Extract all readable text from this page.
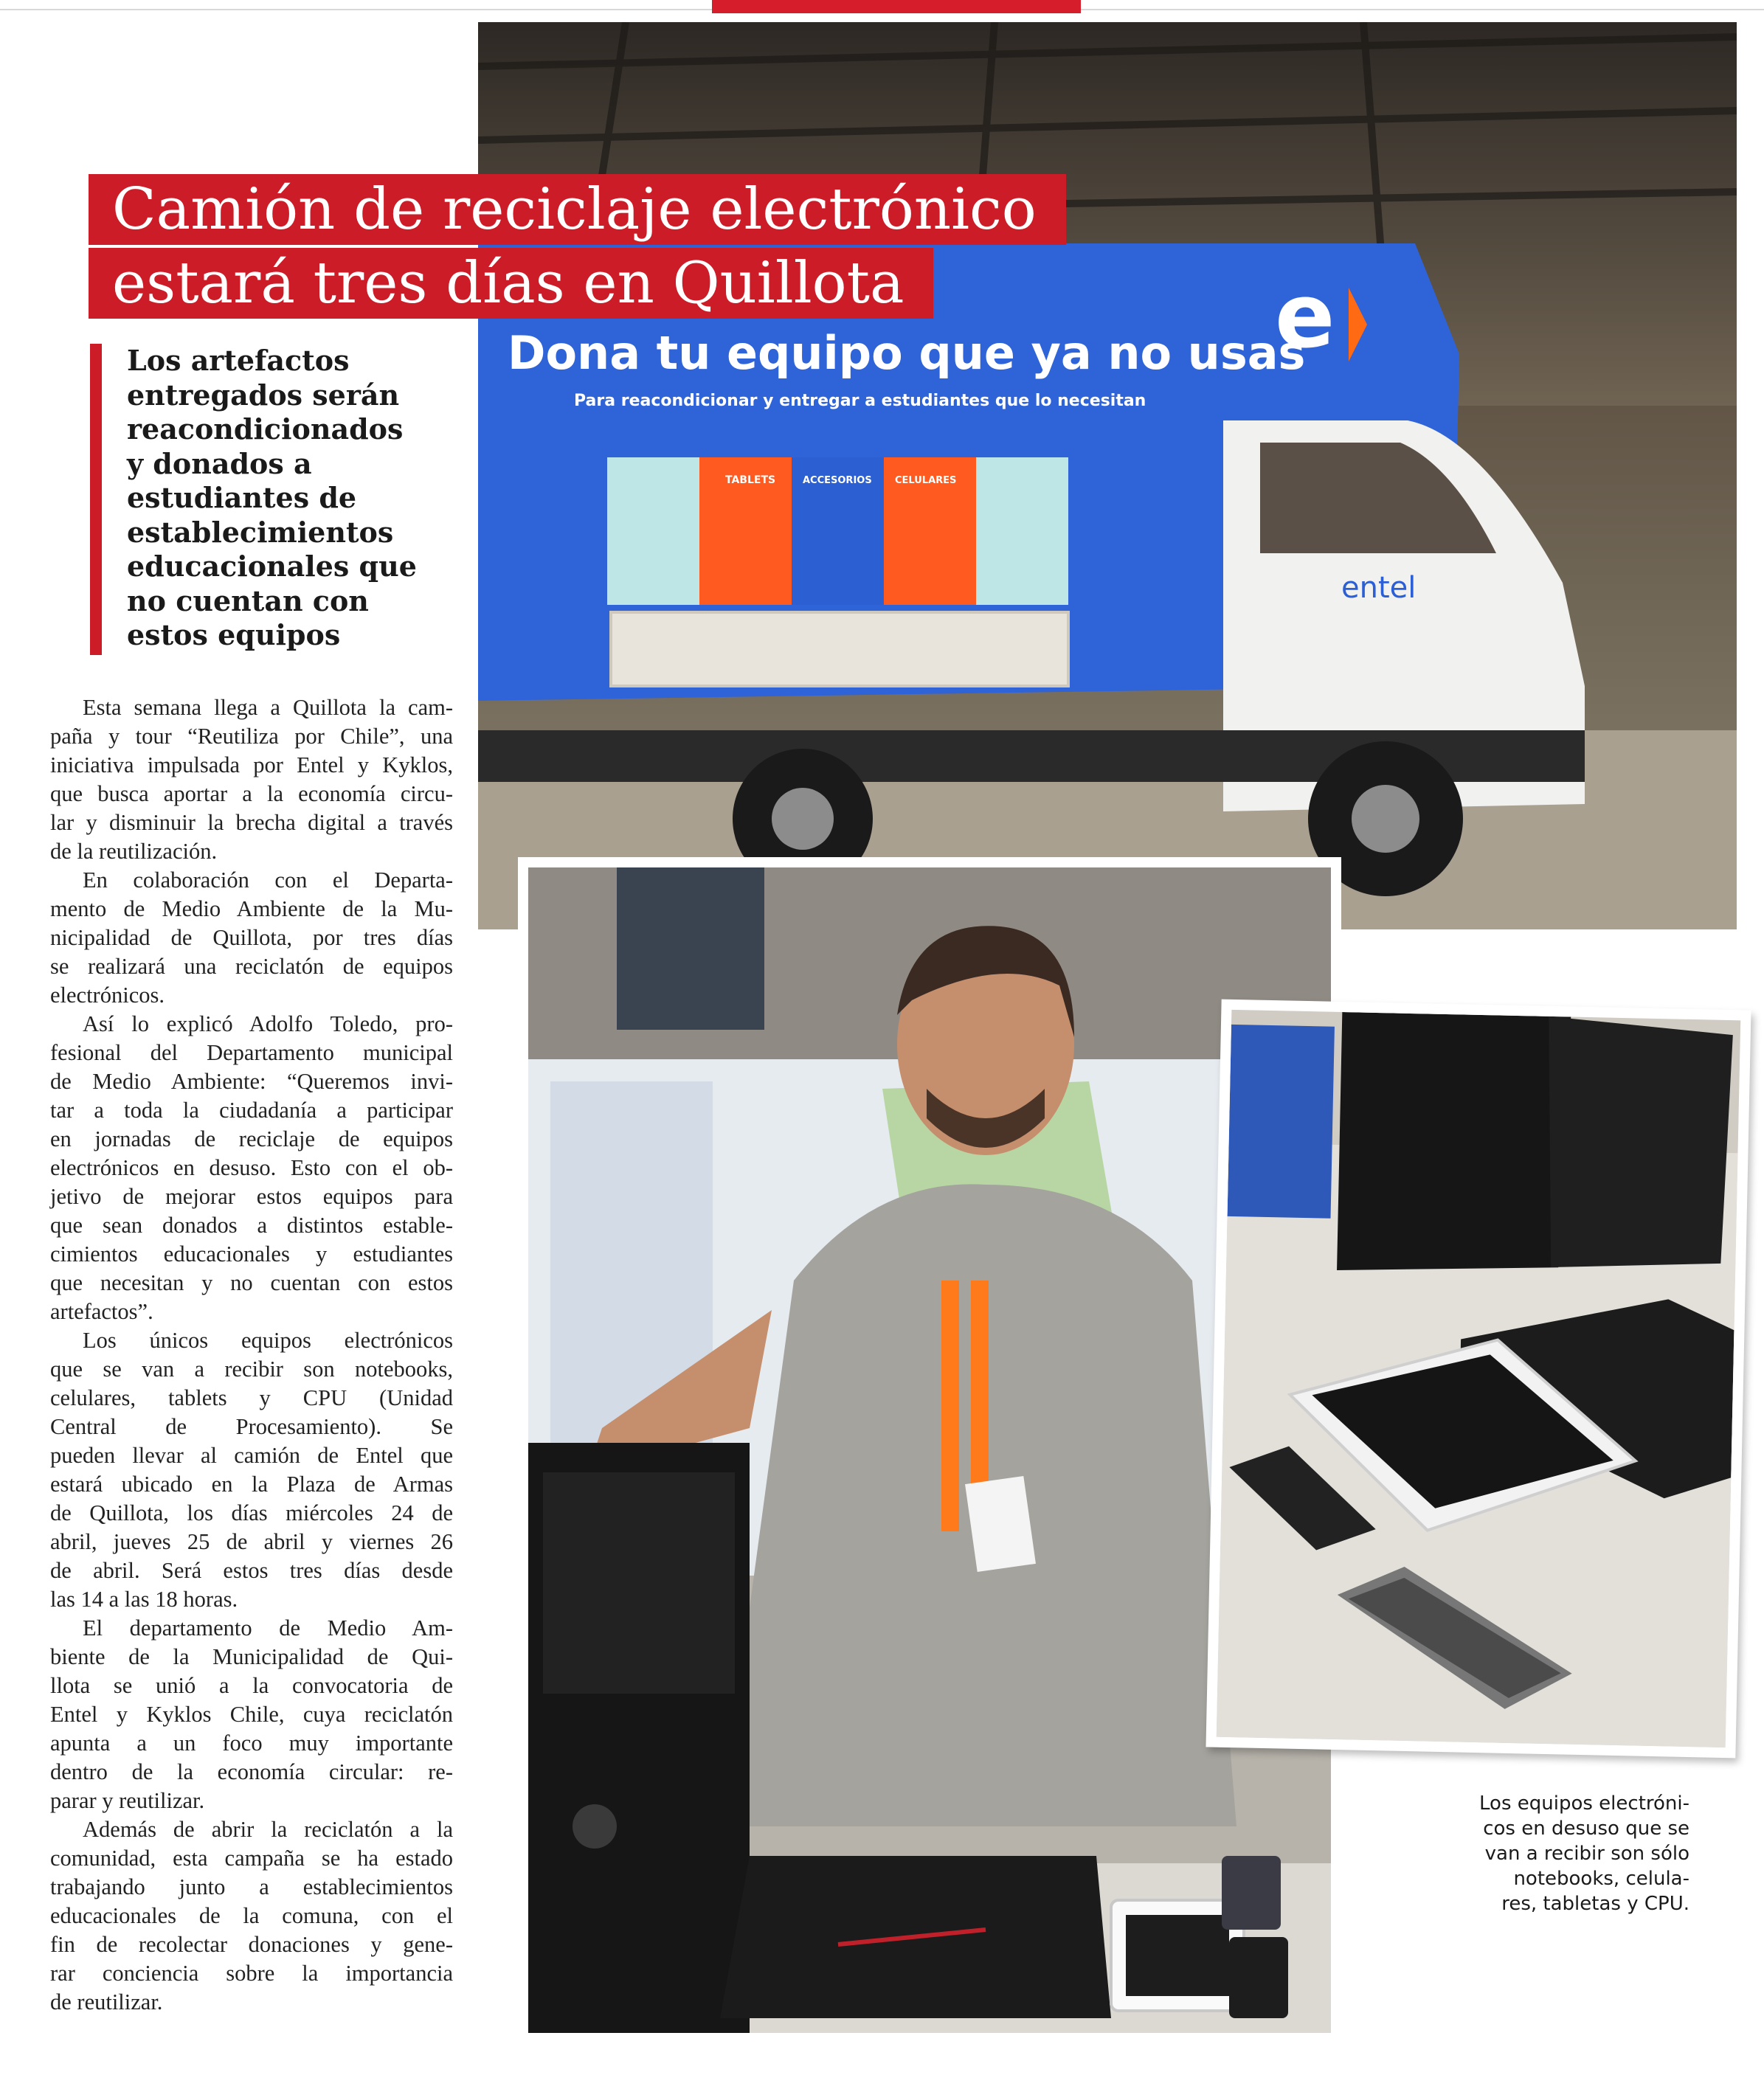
Dona tu equipo que ya no usas
Para reacondicionar y entregar a estudiantes que lo necesitan
e
TABLETS	ACCESORIOS CELULARES
entel
Camión de reciclaje electrónico
estará tres días en Quillota
Los artefactos
entregados serán
reacondicionados
y donados a
estudiantes de
establecimientos
educacionales que
no cuentan con
estos equipos
Esta semana llega a Quillota la cam-
paña y tour “Reutiliza por Chile”, una
iniciativa impulsada por Entel y Kyklos,
que busca aportar a la economía circu-
lar y disminuir la brecha digital a través
de la reutilización.
En colaboración con el Departa-
mento de Medio Ambiente de la Mu-
nicipalidad de Quillota, por tres días
se realizará una reciclatón de equipos
electrónicos.
Así lo explicó Adolfo Toledo, pro-
fesional del Departamento municipal
de Medio Ambiente: “Queremos invi-
tar a toda la ciudadanía a participar
en jornadas de reciclaje de equipos
electrónicos en desuso. Esto con el ob-
jetivo de mejorar estos equipos para
que sean donados a distintos estable-
cimientos educacionales y estudiantes
que necesitan y no cuentan con estos
artefactos”.
Los únicos equipos electrónicos
que se van a recibir son notebooks,
celulares, tablets y CPU (Unidad
Central de Procesamiento). Se
pueden llevar al camión de Entel que
estará ubicado en la Plaza de Armas
de Quillota, los días miércoles 24 de
abril, jueves 25 de abril y viernes 26
de abril. Será estos tres días desde
las 14 a las 18 horas.
El departamento de Medio Am-
biente de la Municipalidad de Qui-
llota se unió a la convocatoria de
Entel y Kyklos Chile, cuya reciclatón
apunta a un foco muy importante
dentro de la economía circular: re-
parar y reutilizar.
Además de abrir la reciclatón a la
comunidad, esta campaña se ha estado
trabajando junto a establecimientos
educacionales de la comuna, con el
fin de recolectar donaciones y gene-
rar conciencia sobre la importancia
de reutilizar.
Los equipos electróni-
cos en desuso que se
van a recibir son sólo
notebooks, celula-
res, tabletas y CPU.
